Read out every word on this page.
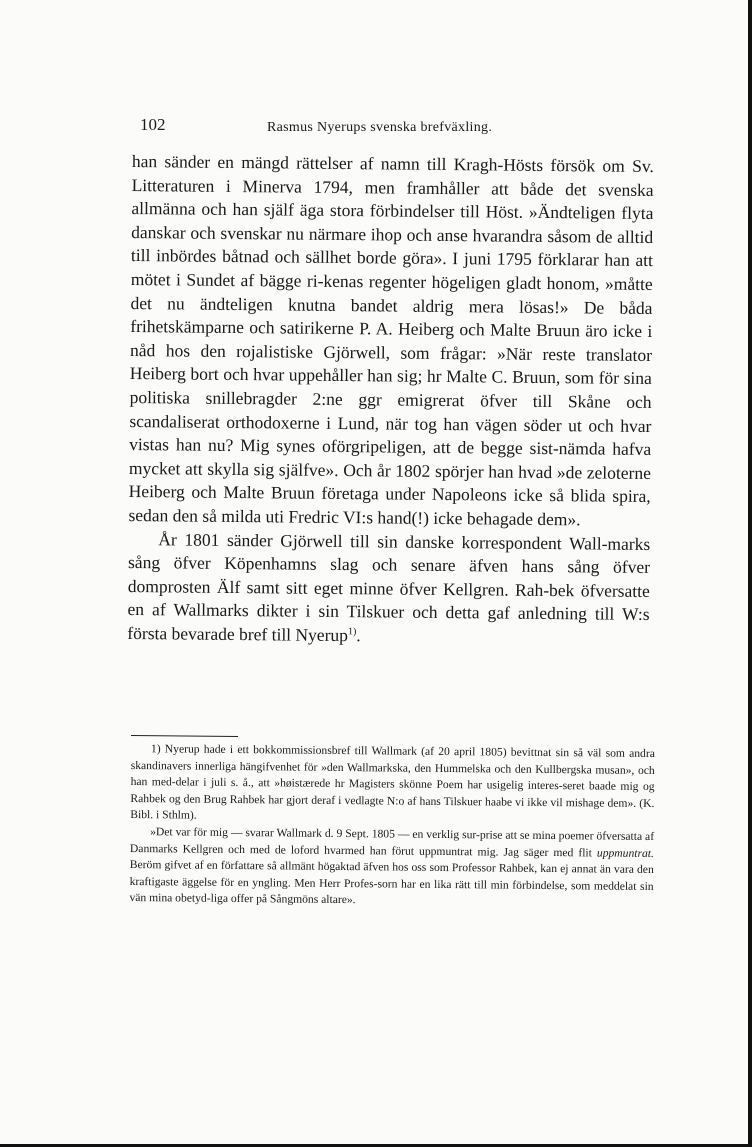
102	Rasmus Nyerups svenska brefväxling.

han sänder en mängd rättelser af namn till Kragh-Hösts försök om Sv. Litteraturen i Minerva 1794, men framhåller att både det svenska allmänna och han själf äga stora förbindelser till Höst. »Ändteligen flyta danskar och svenskar nu närmare ihop och anse hvarandra såsom de alltid till inbördes båtnad och sällhet borde göra». I juni 1795 förklarar han att mötet i Sundet af bägge ri-kenas regenter högeligen gladt honom, »måtte det nu ändteligen knutna bandet aldrig mera lösas!» De båda frihetskämparne och satirikerne P. A. Heiberg och Malte Bruun äro icke i nåd hos den rojalistiske Gjörwell, som frågar: »När reste translator Heiberg bort och hvar uppehåller han sig; hr Malte C. Bruun, som för sina politiska snillebragder 2:ne ggr emigrerat öfver till Skåne och scandaliserat orthodoxerne i Lund, när tog han vägen söder ut och hvar vistas han nu? Mig synes oförgripeligen, att de begge sist-nämda hafva mycket att skylla sig själfve». Och år 1802 spörjer han hvad »de zeloterne Heiberg och Malte Bruun företaga under Napoleons icke så blida spira, sedan den så milda uti Fredric VI:s hand(!) icke behagade dem».

År 1801 sänder Gjörwell till sin danske korrespondent Wall-marks sång öfver Köpenhamns slag och senare äfven hans sång öfver domprosten Älf samt sitt eget minne öfver Kellgren. Rah-bek öfversatte en af Wallmarks dikter i sin Tilskuer och detta gaf anledning till W:s första bevarade bref till Nyerup$^{1)}$.

1) Nyerup hade i ett bokkommissionsbref till Wallmark (af 20 april 1805) bevittnat sin så väl som andra skandinavers innerliga hängifvenhet för »den Wallmarkska, den Hummelska och den Kullbergska musan», och han med-delar i juli s. å., att »høistærede hr Magisters skönne Poem har usigelig interes-seret baade mig og Rahbek og den Brug Rahbek har gjort deraf i vedlagte N:o af hans Tilskuer haabe vi ikke vil mishage dem». (K. Bibl. i Sthlm).

»Det var för mig — svarar Wallmark d. 9 Sept. 1805 — en verklig sur-prise att se mina poemer öfversatta af Danmarks Kellgren och med de loford hvarmed han förut uppmuntrat mig. Jag säger med flit uppmuntrat. Beröm gifvet af en författare så allmänt högaktad äfven hos oss som Professor Rahbek, kan ej annat än vara den kraftigaste äggelse för en yngling. Men Herr Profes-sorn har en lika rätt till min förbindelse, som meddelat sin vän mina obetyd-liga offer på Sångmöns altare».
